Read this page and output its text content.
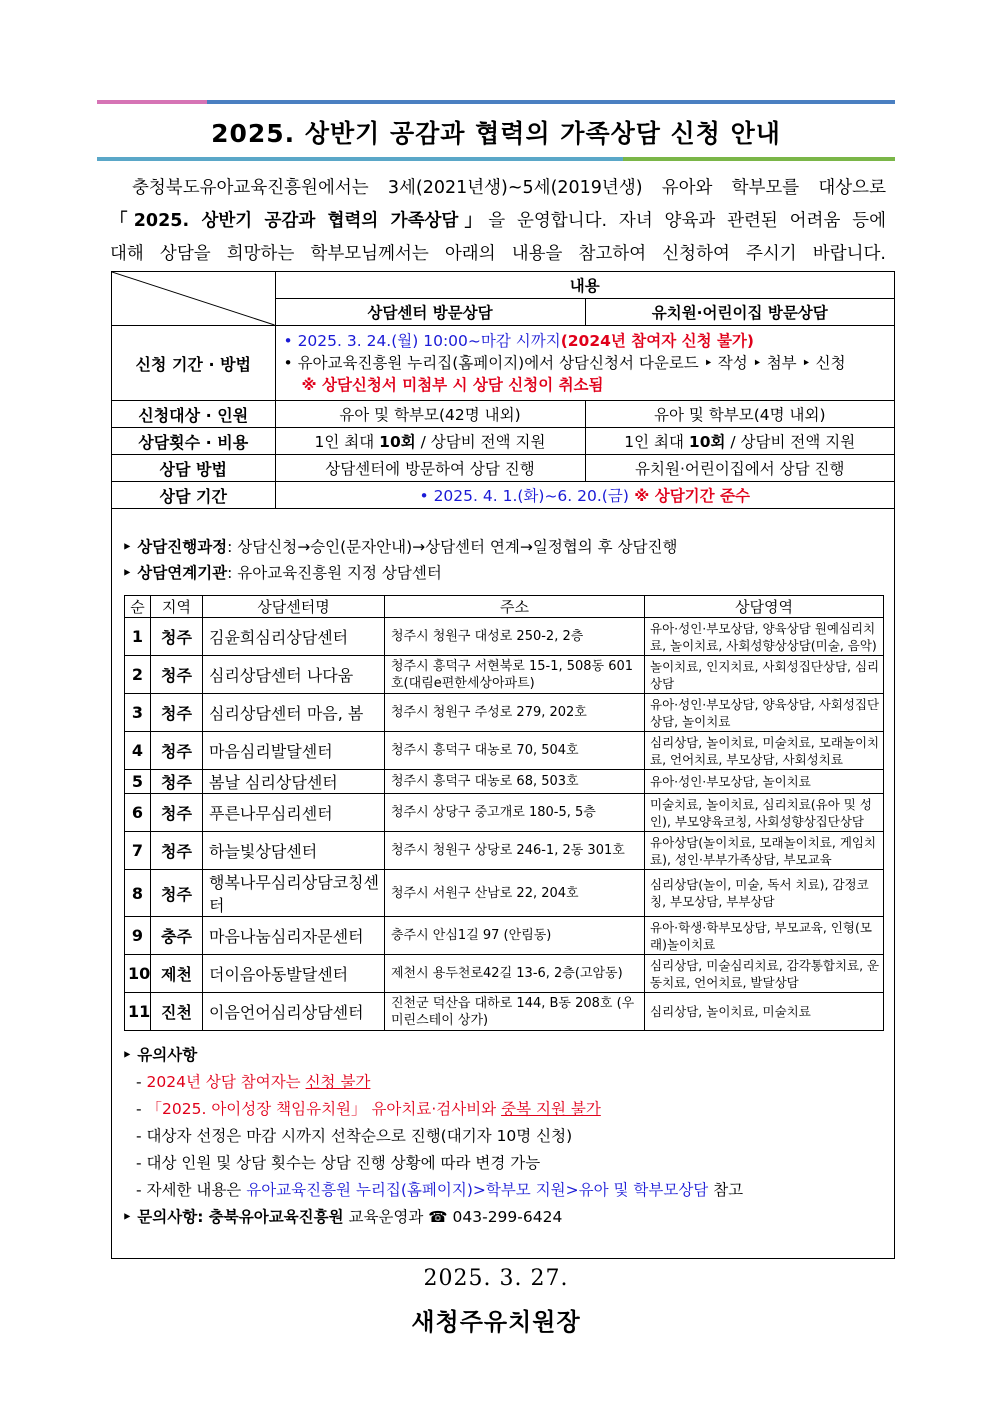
2025. 상반기 공감과 협력의 가족상담 신청 안내

충청북도유아교육진흥원에서는 3세(2021년생)~5세(2019년생) 유아와 학부모를 대상으로

「2025. 상반기 공감과 협력의 가족상담」을 운영합니다. 자녀 양육과 관련된 어려움 등에

대해 상담을 희망하는 학부모님께서는 아래의 내용을 참고하여 신청하여 주시기 바랍니다.

	내용	
	상담센터 방문상담	유치원·어린이집 방문상담
신청 기간 · 방법	• 2025. 3. 24.(월) 10:00~마감 시까지(2024년 참여자 신청 불가)
• 유아교육진흥원 누리집(홈페이지)에서 상담신청서 다운로드 ‣ 작성 ‣ 첨부 ‣ 신청
※ 상담신청서 미첨부 시 상담 신청이 취소됨	

신청대상 · 인원	유아 및 학부모(42명 내외)	유아 및 학부모(4명 내외)
상담횟수 · 비용	1인 최대 10회 / 상담비 전액 지원	1인 최대 10회 / 상담비 전액 지원
상담 방법	상담센터에 방문하여 상담 진행	유치원·어린이집에서 상담 진행
상담 기간	• 2025. 4. 1.(화)~6. 20.(금) ※ 상담기간 준수	
‣ 상담진행과정: 상담신청→승인(문자안내)→상담센터 연계→일정협의 후 상담진행
‣ 상담연계기관: 유아교육진흥원 지정 상담센터
순	지역	상담센터명	주소	상담영역
1	청주	김윤희심리상담센터	청주시 청원구 대성로 250-2, 2층	유아·성인·부모상담, 양육상담 원예심리치료, 놀이치료, 사회성향상상담(미술, 음악)
2	청주	심리상담센터 나다움	청주시 흥덕구 서현북로 15-1, 508동 601호(대림e편한세상아파트)	놀이치료, 인지치료, 사회성집단상담, 심리상담
3	청주	심리상담센터 마음, 봄	청주시 청원구 주성로 279, 202호	유아·성인·부모상담, 양육상담, 사회성집단상담, 놀이치료
4	청주	마음심리발달센터	청주시 흥덕구 대농로 70, 504호	심리상담, 놀이치료, 미술치료, 모래놀이치료, 언어치료, 부모상담, 사회성치료
5	청주	봄날 심리상담센터	청주시 흥덕구 대농로 68, 503호	유아·성인·부모상담, 놀이치료
6	청주	푸른나무심리센터	청주시 상당구 중고개로 180-5, 5층	미술치료, 놀이치료, 심리치료(유아 및 성인), 부모양육코칭, 사회성향상집단상담
7	청주	하늘빛상담센터	청주시 청원구 상당로 246-1, 2동 301호	유아상담(놀이치료, 모래놀이치료, 게임치료), 성인·부부가족상담, 부모교육
8	청주	행복나무심리상담코칭센터	청주시 서원구 산남로 22, 204호	심리상담(놀이, 미술, 독서 치료), 감정코칭, 부모상담, 부부상담
9	충주	마음나눔심리자문센터	충주시 안심1길 97 (안림동)	유아·학생·학부모상담, 부모교육, 인형(모래)놀이치료
10	제천	더이음아동발달센터	제천시 용두천로42길 13-6, 2층(고암동)	심리상담, 미술심리치료, 감각통합치료, 운동치료, 언어치료, 발달상담
11	진천	이음언어심리상담센터	진천군 덕산읍 대하로 144, B동 208호 (우미린스테이 상가)	심리상담, 놀이치료, 미술치료
‣ 유의사항
- 2024년 상담 참여자는 신청 불가
- 「2025. 아이성장 책임유치원」 유아치료·검사비와 중복 지원 불가
- 대상자 선정은 마감 시까지 선착순으로 진행(대기자 10명 신청)
- 대상 인원 및 상담 횟수는 상담 진행 상황에 따라 변경 가능
- 자세한 내용은 유아교육진흥원 누리집(홈페이지)>학부모 지원>유아 및 학부모상담 참고
‣ 문의사항: 충북유아교육진흥원 교육운영과 ☎ 043-299-6424
2025. 3. 27.
새청주유치원장
